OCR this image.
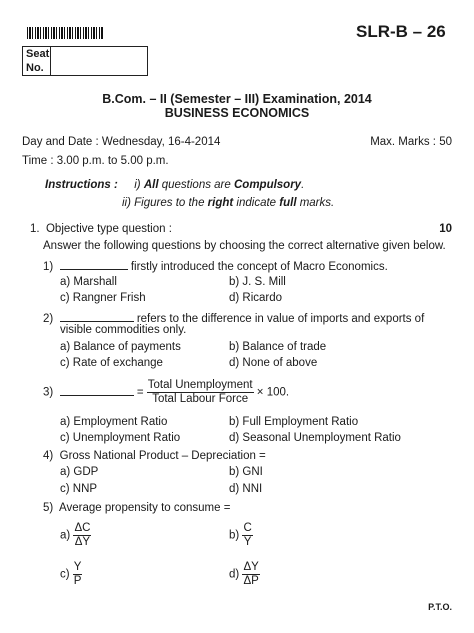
SLR-B – 26
Seat No.
B.Com. – II (Semester – III) Examination, 2014
BUSINESS ECONOMICS
Day and Date : Wednesday, 16-4-2014	Max. Marks : 50
Time : 3.00 p.m. to 5.00 p.m.
Instructions : i) All questions are Compulsory.
ii) Figures to the right indicate full marks.
1. Objective type question :	10
Answer the following questions by choosing the correct alternative given below.
1)	firstly introduced the concept of Macro Economics.
a) Marshall	b) J. S. Mill
c) Rangner Frish	d) Ricardo
2)	refers to the difference in value of imports and exports of
visible commodities only.
a) Balance of payments	b) Balance of trade
c) Rate of exchange	d) None of above
3)	= $\frac{\text{Total Unemployment}}{\text{Total Labour Force}} \times 100$.
a) Employment Ratio	b) Full Employment Ratio
c) Unemployment Ratio	d) Seasonal Unemployment Ratio
4) Gross National Product – Depreciation =
a) GDP	b) GNI
c) NNP	d) NNI
5) Average propensity to consume =
$a) \frac{\Delta C}{\Delta Y}$	$b) \frac{C}{Y}$
$c) \frac{Y}{P}$	$d) \frac{\Delta Y}{\Delta P}$
P.T.O.
